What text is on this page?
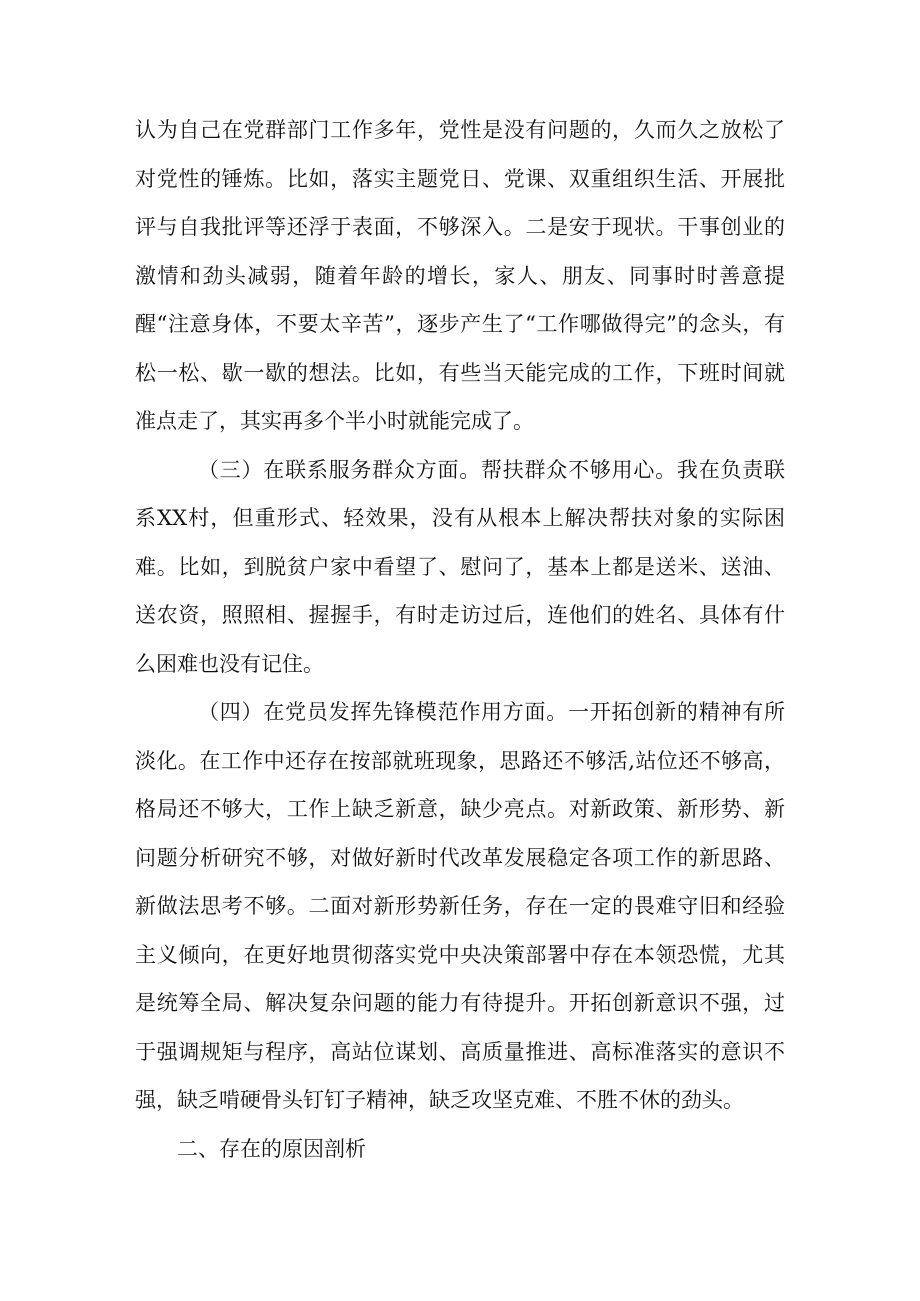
认为自己在党群部门工作多年，党性是没有问题的，久而久之放松了对党性的锤炼。比如，落实主题党日、党课、双重组织生活、开展批评与自我批评等还浮于表面，不够深入。二是安于现状。干事创业的激情和劲头减弱，随着年龄的增长，家人、朋友、同事时时善意提醒“注意身体，不要太辛苦”，逐步产生了“工作哪做得完”的念头，有松一松、歇一歇的想法。比如，有些当天能完成的工作，下班时间就准点走了，其实再多个半小时就能完成了。

（三）在联系服务群众方面。帮扶群众不够用心。我在负责联系XX村，但重形式、轻效果，没有从根本上解决帮扶对象的实际困难。比如，到脱贫户家中看望了、慰问了，基本上都是送米、送油、送农资，照照相、握握手，有时走访过后，连他们的姓名、具体有什么困难也没有记住。

（四）在党员发挥先锋模范作用方面。一开拓创新的精神有所淡化。在工作中还存在按部就班现象，思路还不够活,站位还不够高，格局还不够大，工作上缺乏新意，缺少亮点。对新政策、新形势、新问题分析研究不够，对做好新时代改革发展稳定各项工作的新思路、新做法思考不够。二面对新形势新任务，存在一定的畏难守旧和经验主义倾向，在更好地贯彻落实党中央决策部署中存在本领恐慌，尤其是统筹全局、解决复杂问题的能力有待提升。开拓创新意识不强，过于强调规矩与程序，高站位谋划、高质量推进、高标准落实的意识不强，缺乏啃硬骨头钉钉子精神，缺乏攻坚克难、不胜不休的劲头。

二、存在的原因剖析
